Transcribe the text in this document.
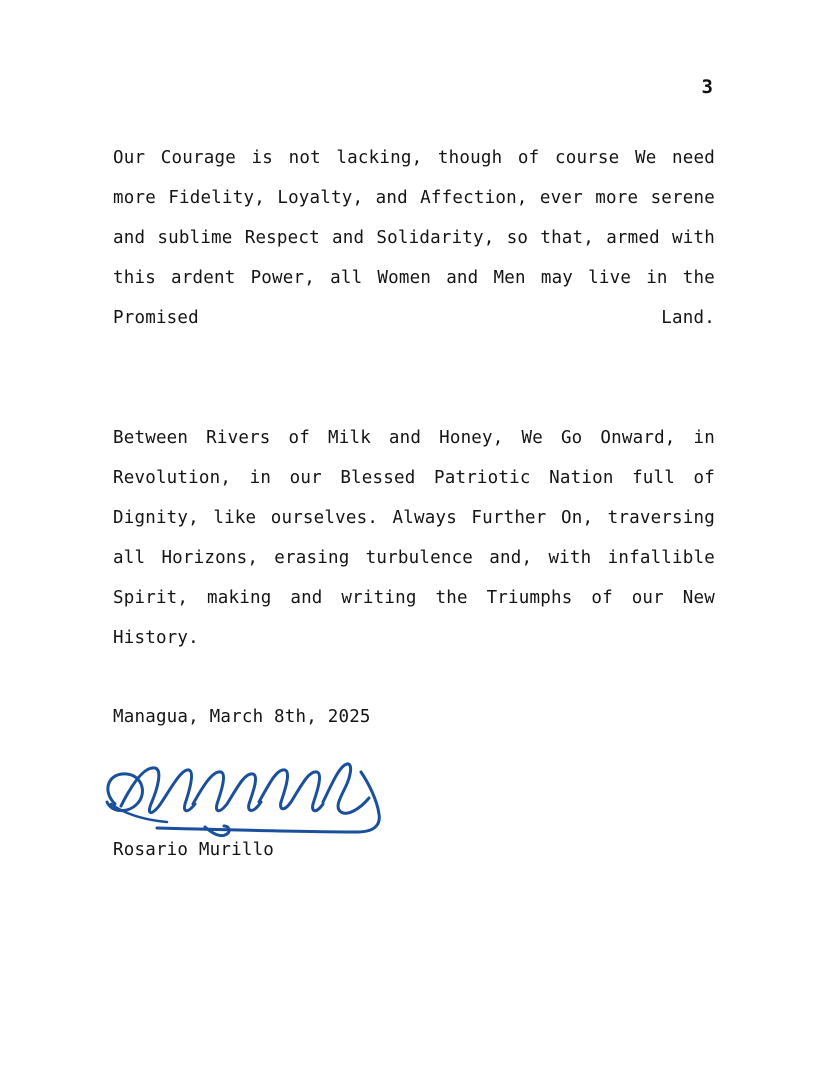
3

Our Courage is not lacking, though of course We need more Fidelity, Loyalty, and Affection, ever more serene and sublime Respect and Solidarity, so that, armed with this ardent Power, all Women and Men may live in the Promised Land.

Between Rivers of Milk and Honey, We Go Onward, in Revolution, in our Blessed Patriotic Nation full of Dignity, like ourselves. Always Further On, traversing all Horizons, erasing turbulence and, with infallible Spirit, making and writing the Triumphs of our New History.

Managua, March 8th, 2025
Rosario Murillo
